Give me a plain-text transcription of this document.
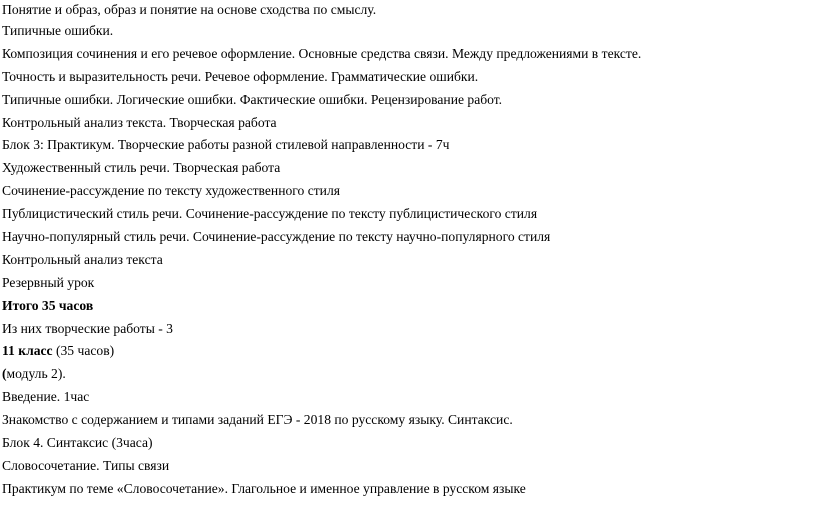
Понятие и образ, образ и понятие на основе сходства по смыслу.
Типичные ошибки.
Композиция сочинения и его речевое оформление. Основные средства связи. Между предложениями в тексте.
Точность и выразительность речи. Речевое оформление. Грамматические ошибки.
Типичные ошибки. Логические ошибки. Фактические ошибки. Рецензирование работ.
Контрольный анализ текста. Творческая работа
Блок 3: Практикум. Творческие работы разной стилевой направленности - 7ч
Художественный стиль речи. Творческая работа
Сочинение-рассуждение по тексту художественного стиля
Публицистический стиль речи. Сочинение-рассуждение по тексту публицистического стиля
Научно-популярный стиль речи. Сочинение-рассуждение по тексту научно-популярного стиля
Контрольный анализ текста
Резервный урок
Итого 35 часов
Из них творческие работы - 3
11 класс (35 часов)
(модуль 2).
Введение. 1час
Знакомство с содержанием и типами заданий ЕГЭ - 2018 по русскому языку. Синтаксис.
Блок 4. Синтаксис (3часа)
Словосочетание. Типы связи
Практикум по теме «Словосочетание». Глагольное и именное управление в русском языке
